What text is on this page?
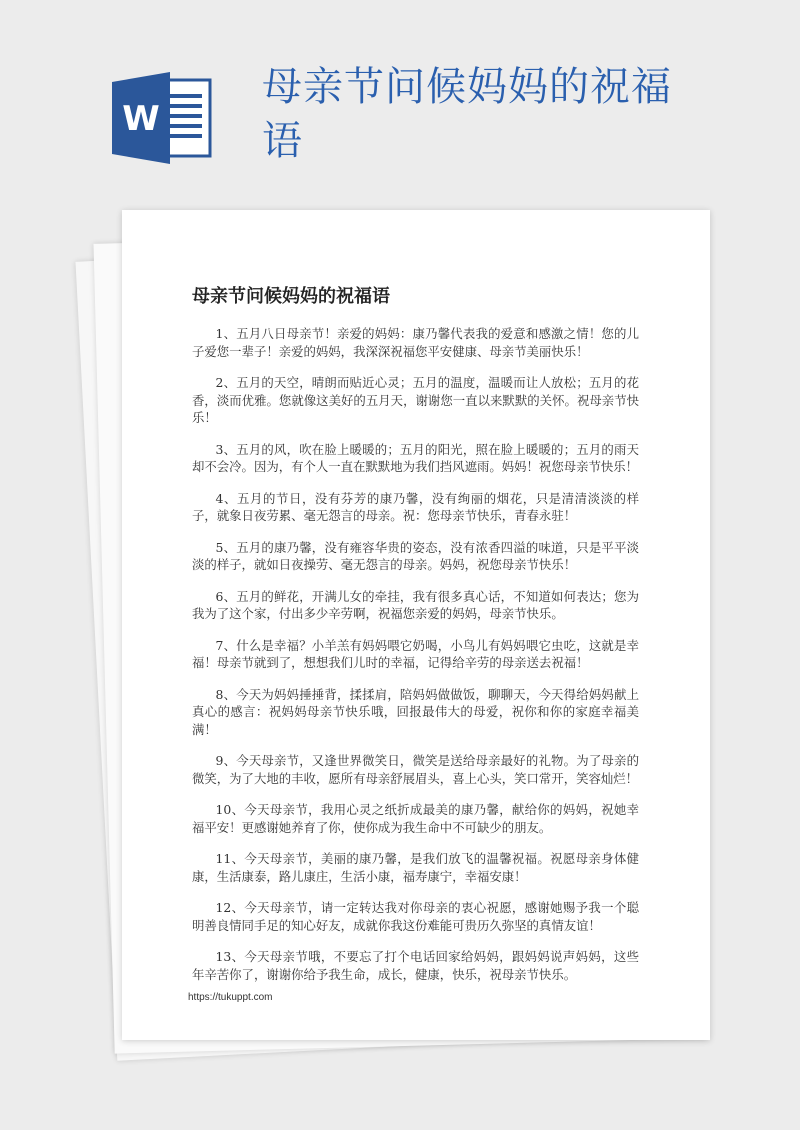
W
母亲节问候妈妈的祝福语
母亲节问候妈妈的祝福语

1、五月八日母亲节！亲爱的妈妈：康乃馨代表我的爱意和感激之情！您的儿子爱您一辈子！亲爱的妈妈，我深深祝福您平安健康、母亲节美丽快乐！

2、五月的天空，晴朗而贴近心灵；五月的温度，温暖而让人放松；五月的花香，淡而优雅。您就像这美好的五月天，谢谢您一直以来默默的关怀。祝母亲节快乐！

3、五月的风，吹在脸上暖暖的；五月的阳光，照在脸上暖暖的；五月的雨天却不会冷。因为，有个人一直在默默地为我们挡风遮雨。妈妈！祝您母亲节快乐！

4、五月的节日，没有芬芳的康乃馨，没有绚丽的烟花，只是清清淡淡的样子，就象日夜劳累、毫无怨言的母亲。祝：您母亲节快乐，青春永驻！

5、五月的康乃馨，没有雍容华贵的姿态，没有浓香四溢的味道，只是平平淡淡的样子，就如日夜操劳、毫无怨言的母亲。妈妈，祝您母亲节快乐！

6、五月的鲜花，开满儿女的牵挂，我有很多真心话，不知道如何表达；您为我为了这个家，付出多少辛劳啊，祝福您亲爱的妈妈，母亲节快乐。

7、什么是幸福？小羊羔有妈妈喂它奶喝，小鸟儿有妈妈喂它虫吃，这就是幸福！母亲节就到了，想想我们儿时的幸福，记得给辛劳的母亲送去祝福！

8、今天为妈妈捶捶背，揉揉肩，陪妈妈做做饭，聊聊天，今天得给妈妈献上真心的感言：祝妈妈母亲节快乐哦，回报最伟大的母爱，祝你和你的家庭幸福美满！

9、今天母亲节，又逢世界微笑日，微笑是送给母亲最好的礼物。为了母亲的微笑，为了大地的丰收，愿所有母亲舒展眉头，喜上心头，笑口常开，笑容灿烂！

10、今天母亲节，我用心灵之纸折成最美的康乃馨，献给你的妈妈，祝她幸福平安！更感谢她养育了你，使你成为我生命中不可缺少的朋友。

11、今天母亲节，美丽的康乃馨，是我们放飞的温馨祝福。祝愿母亲身体健康，生活康泰，路儿康庄，生活小康，福寿康宁，幸福安康！

12、今天母亲节，请一定转达我对你母亲的衷心祝愿，感谢她赐予我一个聪明善良情同手足的知心好友，成就你我这份难能可贵历久弥坚的真情友谊！

13、今天母亲节哦，不要忘了打个电话回家给妈妈，跟妈妈说声妈妈，这些年辛苦你了，谢谢你给予我生命，成长，健康，快乐，祝母亲节快乐。

https://tukuppt.com
